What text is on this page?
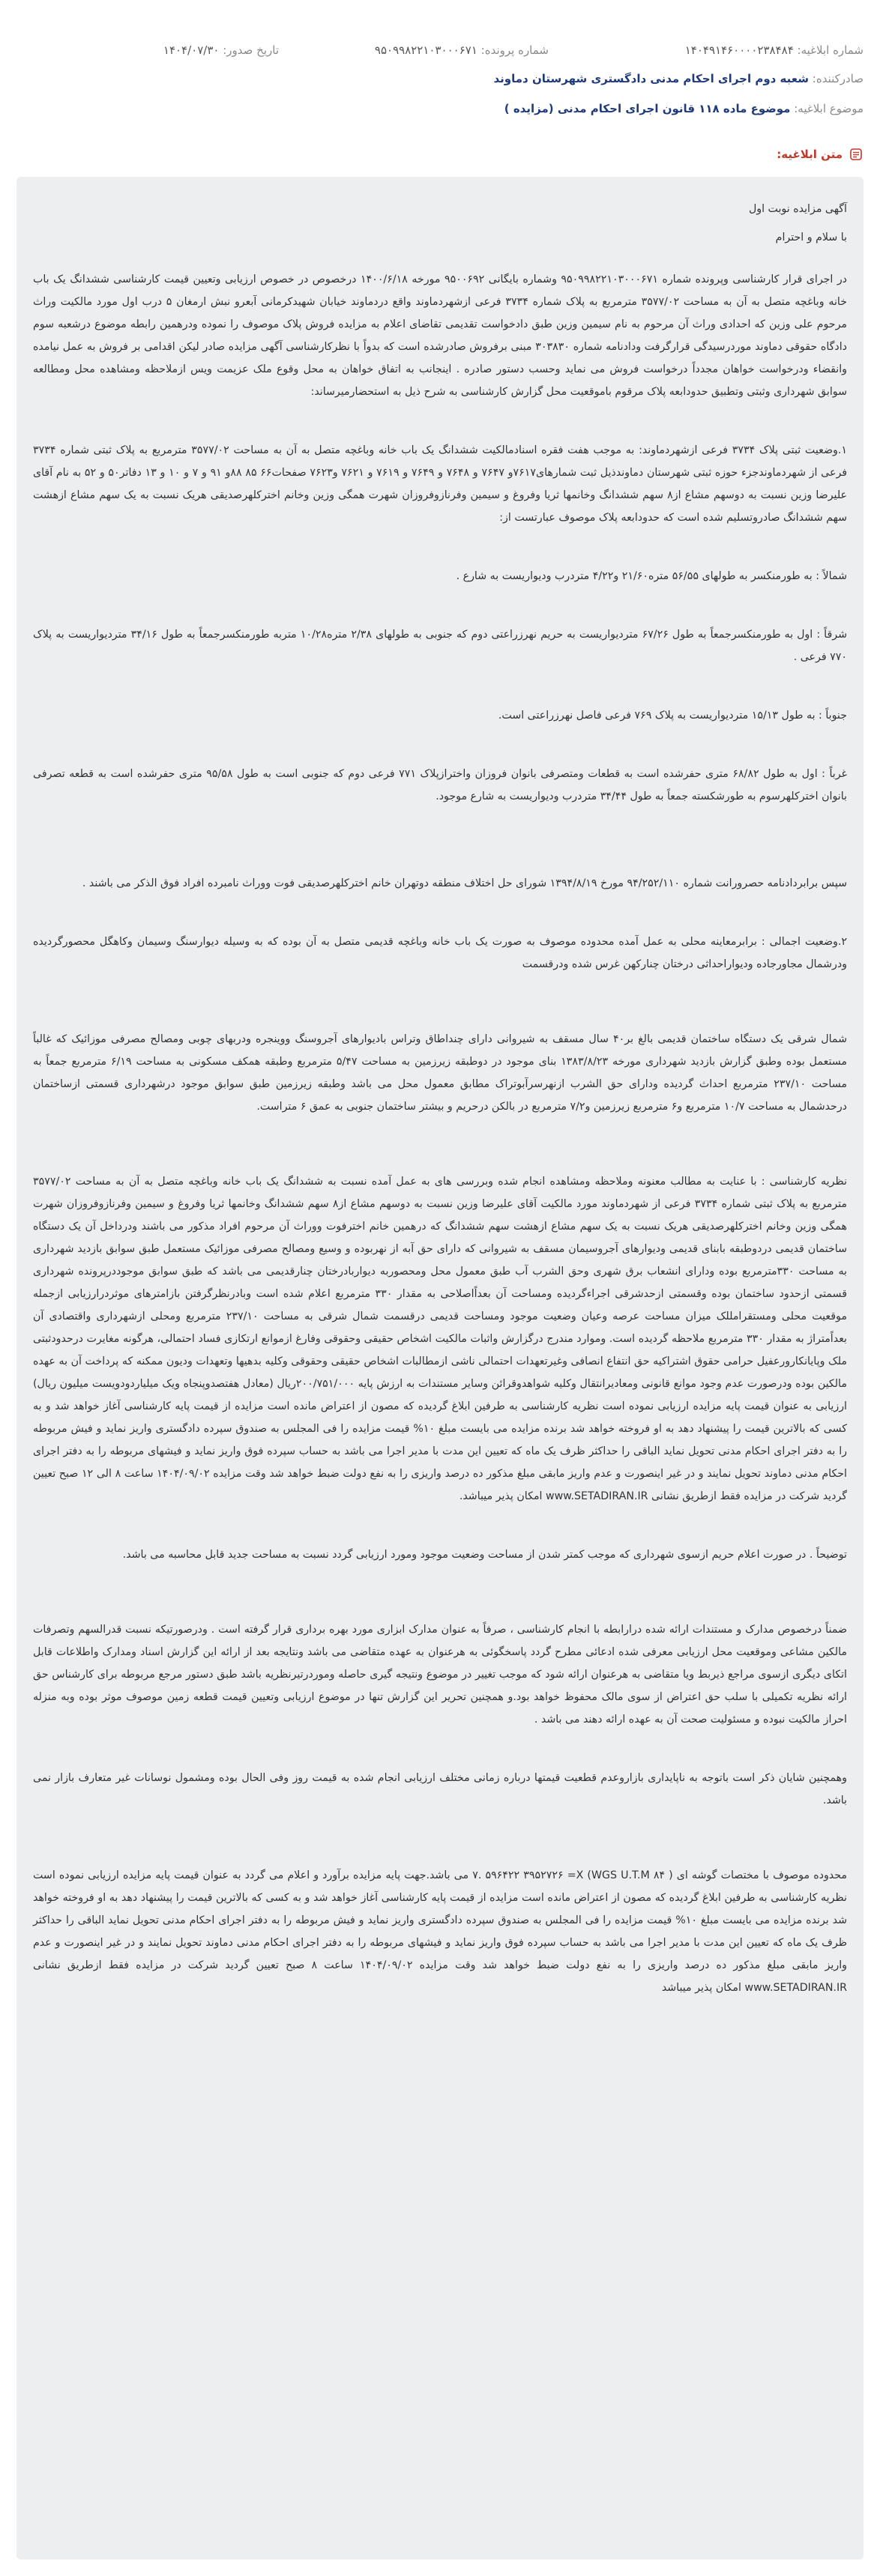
شماره ابلاغیه: ۱۴۰۴۹۱۴۶۰۰۰۰۲۳۸۴۸۴
شماره پرونده: ۹۵۰۹۹۸۲۲۱۰۳۰۰۰۶۷۱
تاریخ صدور: ۱۴۰۴/۰۷/۳۰
صادرکننده: شعبه دوم اجرای احکام مدنی دادگستری شهرستان دماوند
موضوع ابلاغیه: موضوع ماده ۱۱۸ قانون اجرای احکام مدنی (مزایده )
متن ابلاغیه:

آگهی مزایده نوبت اول

با سلام و احترام

در اجرای قرار کارشناسی وپرونده شماره ۹۵۰۹۹۸۲۲۱۰۳۰۰۰۶۷۱ وشماره بایگانی ۹۵۰۰۶۹۲ مورخه ۱۴۰۰/۶/۱۸ درخصوص در خصوص ارزیابی وتعیین قیمت کارشناسی ششدانگ یک باب خانه وباغچه متصل به آن به مساحت ۳۵۷۷/۰۲ مترمربع به پلاک شماره ۳۷۳۴ فرعی ازشهردماوند واقع دردماوند خیابان شهیدکرمانی آبعرو نبش ارمغان ۵ درب اول مورد مالکیت وراث مرحوم علی وزین که احدادی وراث آن مرحوم به نام سیمین وزین طبق دادخواست تقدیمی تقاضای اعلام به مزایده فروش پلاک موصوف را نموده ودرهمین رابطه موضوع درشعبه سوم دادگاه حقوقی دماوند موردرسیدگی قرارگرفت ودادنامه شماره ۳۰۳۸۳۰ مبنی برفروش صادرشده است که بدواً با نظرکارشناسی آگهی مزایده صادر لیکن اقدامی بر فروش به عمل نیامده وانقضاء ودرخواست خواهان مجدداً درخواست فروش می نماید وحسب دستور صادره . اینجانب به اتفاق خواهان به محل وقوع ملک عزیمت ویس ازملاحظه ومشاهده محل ومطالعه سوابق شهرداری وثبتی وتطبیق حدودابعه پلاک مرقوم باموقعیت محل گزارش کارشناسی به شرح ذیل به استحضارمیرساند:

۱.وضعیت ثبتی پلاک ۳۷۳۴ فرعی ازشهردماوند: به موجب هفت فقره اسنادمالکیت ششدانگ یک باب خانه وباغچه متصل به آن به مساحت ۳۵۷۷/۰۲ مترمربع به پلاک ثبتی شماره ۳۷۳۴ فرعی از شهردماوندجزء حوزه ثبتی شهرستان دماوندذیل ثبت شمارهای۷۶۱۷و ۷۶۴۷ و ۷۶۴۸ و ۷۶۴۹ و ۷۶۱۹ و ۷۶۲۱ و۷۶۲۳ صفحات۶۶ ۸۵ ۸۸و ۹۱ و ۷ و ۱۰ و ۱۳ دفاتر۵۰ و ۵۲ به نام آقای علیرضا وزین نسبت به دوسهم مشاع از۸ سهم ششدانگ وخانمها ثریا وفروغ و سیمین وفرنازوفروزان شهرت همگی وزین وخانم اخترکلهرصدیقی هریک نسبت به یک سهم مشاع ازهشت سهم ششدانگ صادروتسلیم شده است که حدودابعه پلاک موصوف عبارتست از:

شمالاً : به طورمنکسر به طولهای ۵۶/۵۵ متره۲۱/۶۰ و۴/۲۲ متردرب ودیواریست به شارع .

شرقاً : اول به طورمنکسرجمعاً به طول ۶۷/۲۶ متردیواریست به حریم نهرزراعتی دوم که جنوبی به طولهای ۲/۳۸ متره۱۰/۲۸ متربه طورمنکسرجمعاً به طول ۳۴/۱۶ متردیواریست به پلاک ۷۷۰ فرعی .

جنوباً : به طول ۱۵/۱۳ متردیواریست به پلاک ۷۶۹ فرعی فاصل نهرزراعتی است.

غرباً : اول به طول ۶۸/۸۲ متری حفرشده است به قطعات ومتصرفی بانوان فروزان واخترازپلاک ۷۷۱ فرعی دوم که جنوبی است به طول ۹۵/۵۸ متری حفرشده است به قطعه تصرفی بانوان اخترکلهرسوم به طورشکسته جمعاً به طول ۳۴/۴۴ متردرب ودیواریست به شارع موجود.

سپس برابردادنامه حصرورانت شماره ۹۴/۲۵۲/۱۱۰ مورخ ۱۳۹۴/۸/۱۹ شورای حل اختلاف منطقه دوتهران خانم اخترکلهرصدیقی فوت ووراث نامبرده افراد فوق الذکر می باشند .

۲.وضعیت اجمالی : برابرمعاینه محلی به عمل آمده محدوده موصوف به صورت یک باب خانه وباغچه قدیمی متصل به آن بوده که به وسیله دیوارسنگ وسیمان وکاهگل محصورگردیده ودرشمال مجاورجاده ودیواراحداثی درختان چنارکهن غرس شده ودرقسمت

شمال شرقی یک دستگاه ساختمان قدیمی بالغ بر۴۰ سال مسقف به شیروانی دارای چنداطاق وتراس بادیوارهای آجروسنگ ووینجره ودربهای چوبی ومصالح مصرفی موزائیک که غالباً مستعمل بوده وطبق گزارش بازدید شهرداری مورخه ۱۳۸۳/۸/۲۳ بنای موجود در دوطبقه زیرزمین به مساحت ۵/۴۷ مترمربع وطبقه همکف مسکونی به مساحت ۶/۱۹ مترمربع جمعاً به مساحت ۲۳۷/۱۰ مترمربع احداث گردیده ودارای حق الشرب ازنهرسرآبوتراک مطابق معمول محل می باشد وطبقه زیرزمین طبق سوابق موجود درشهرداری قسمتی ازساختمان درحدشمال به مساحت ۱۰/۷ مترمربع و۶ مترمربع زیرزمین و۷/۲ مترمربع در بالکن درحریم و بیشتر ساختمان جنوبی به عمق ۶ متراست.

نظریه کارشناسی : با عنایت به مطالب معنونه وملاحظه ومشاهده انجام شده وبررسی های به عمل آمده نسبت به ششدانگ یک باب خانه وباغچه متصل به آن به مساحت ۳۵۷۷/۰۲ مترمربع به پلاک ثبتی شماره ۳۷۳۴ فرعی از شهردماوند مورد مالکیت آقای علیرضا وزین نسبت به دوسهم مشاع از۸ سهم ششدانگ وخانمها ثریا وفروغ و سیمین وفرنازوفروزان شهرت همگی وزین وخانم اخترکلهرصدیقی هریک نسبت به یک سهم مشاع ازهشت سهم ششدانگ که درهمین خانم اخترفوت ووراث آن مرحوم افراد مذکور می باشند ودرداخل آن یک دستگاه ساختمان قدیمی دردوطبقه بابنای قدیمی ودیوارهای آجروسیمان مسقف به شیروانی که دارای حق آبه از نهربوده و وسیع ومصالح مصرفی موزائیک مستعمل طبق سوابق بازدید شهرداری به مساحت ۳۳۰مترمربع بوده ودارای انشعاب برق شهری وحق الشرب آب طبق معمول محل ومحصوربه دیواربادرختان چنارقدیمی می باشد که طبق سوابق موجوددرپرونده شهرداری قسمتی ازحدود ساختمان بوده وقسمتی ازحدشرقی اجراءگردیده ومساحت آن بعداًاصلاحی به مقدار ۳۳۰ مترمربع اعلام شده است وبادرنظرگرفتن بازامترهای موثردرارزیابی ازجمله موقعیت محلی ومستقرامللک میزان مساحت عرصه وعیان وضعیت موجود ومساحت قدیمی درقسمت شمال شرقی به مساحت ۲۳۷/۱۰ مترمربع ومحلی ازشهرداری واقتصادی آن بعداًمتراژ به مقدار ۳۳۰ مترمربع ملاحظه گردیده است. وموارد مندرج درگزارش واثبات مالکیت اشخاص حقیقی وحقوقی وفارغ ازموانع ارتکازی فساد احتمالی، هرگونه مغایرت درحدودثبتی ملک وپایانکارورعفیل حرامی حقوق اشتراکیه حق انتفاع انصافی وغیرتعهدات احتمالی ناشی ازمطالبات اشخاص حقیقی وحقوقی وکلیه بدهیها وتعهدات ودیون ممکنه که پرداخت آن به عهده مالکین بوده ودرصورت عدم وجود موانع قانونی ومعادیرانتقال وکلیه شواهدوقرائن وسایر مستندات به ارزش پایه ۲۰۰/۷۵۱/۰۰۰ریال (معادل هفتصدوپنجاه ویک میلیاردودویست میلیون ریال) ارزیابی به عنوان قیمت پایه مزایده ارزیابی نموده است نظریه کارشناسی به طرفین ابلاغ گردیده که مصون از اعتراض مانده است مزایده از قیمت پایه کارشناسی آغاز خواهد شد و به کسی که بالاترین قیمت را پیشنهاد دهد به او فروخته خواهد شد برنده مزایده می بایست مبلغ ۱۰% قیمت مزایده را فی المجلس به صندوق سپرده دادگستری واریز نماید و فیش مربوطه را به دفتر اجرای احکام مدنی تحویل نماید الباقی را حداکثر ظرف یک ماه که تعیین این مدت با مدیر اجرا می باشد به حساب سپرده فوق واریز نماید و فیشهای مربوطه را به دفتر اجرای احکام مدنی دماوند تحویل نمایند و در غیر اینصورت و عدم واریز مابقی مبلغ مذکور ده درصد واریزی را به نفع دولت ضبط خواهد شد وقت مزایده ۱۴۰۴/۰۹/۰۲ ساعت ۸ الی ۱۲ صبح تعیین گردید شرکت در مزایده فقط ازطریق نشانی www.SETADIRAN.IR امکان پذیر میباشد.

توضیحاً . در صورت اعلام حریم ازسوی شهرداری که موجب کمتر شدن از مساحت وضعیت موجود ومورد ارزیابی گردد نسبت به مساحت جدید قابل محاسبه می باشد.

ضمناً درخصوص مدارک و مستندات ارائه شده درارابطه با انجام کارشناسی ، صرفاً به عنوان مدارک ابزاری مورد بهره برداری قرار گرفته است . ودرصورتیکه نسبت قدرالسهم وتصرفات مالکین مشاعی وموقعیت محل ارزیابی معرفی شده ادعائی مطرح گردد پاسخگوئی به هرعنوان به عهده متقاضی می باشد ونتایجه بعد از ارائه این گزارش اسناد ومدارک واطلاعات قابل اتکای دیگری ازسوی مراجع ذیربط ویا متقاضی به هرعنوان ارائه شود که موجب تغییر در موضوع ونتیجه گیری حاصله وموردرتیرنظریه باشد طبق دستور مرجع مربوطه برای کارشناس حق ارائه نظریه تکمیلی با سلب حق اعتراض از سوی مالک محفوظ خواهد بود.و همچنین تحریر این گزارش تنها در موضوع ارزیابی وتعیین قیمت قطعه زمین موصوف موثر بوده وبه منزله احراز مالکیت نبوده و مسئولیت صحت آن به عهده ارائه دهند می باشد .

وهمچنین شایان ذکر است باتوجه به ناپایداری بازاروعدم قطعیت قیمتها درباره زمانی مختلف ارزیابی انجام شده به قیمت روز وفی الحال بوده ومشمول نوسانات غیر متعارف بازار نمی باشد.

محدوده موصوف با مختصات گوشه ای ( ۸۴ WGS U.T.M) ۷. ۵۹۶۴۲۲ ۳۹۵۲۷۲۶ =X می باشد.جهت پایه مزایده برآورد و اعلام می گردد به عنوان قیمت پایه مزایده ارزیابی نموده است نظریه کارشناسی به طرفین ابلاغ گردیده که مصون از اعتراض مانده است مزایده از قیمت پایه کارشناسی آغاز خواهد شد و به کسی که بالاترین قیمت را پیشنهاد دهد به او فروخته خواهد شد برنده مزایده می بایست مبلغ ۱۰% قیمت مزایده را فی المجلس به صندوق سپرده دادگستری واریز نماید و فیش مربوطه را به دفتر اجرای احکام مدنی تحویل نماید الباقی را حداکثر ظرف یک ماه که تعیین این مدت با مدیر اجرا می باشد به حساب سپرده فوق واریز نماید و فیشهای مربوطه را به دفتر اجرای احکام مدنی دماوند تحویل نمایند و در غیر اینصورت و عدم واریز مابقی مبلغ مذکور ده درصد واریزی را به نفع دولت ضبط خواهد شد وقت مزایده ۱۴۰۴/۰۹/۰۲ ساعت ۸ صبح تعیین گردید شرکت در مزایده فقط ازطریق نشانی www.SETADIRAN.IR امکان پذیر میباشد
